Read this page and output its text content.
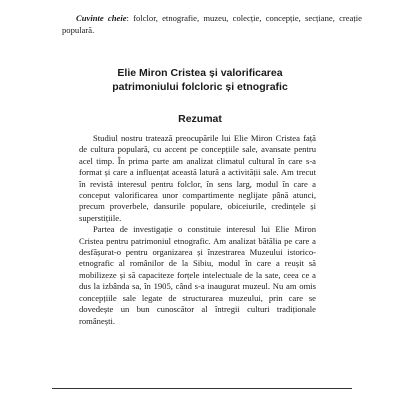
Cuvinte cheie: folclor, etnografie, muzeu, colecție, concepție, secțiane, creație populară.
Elie Miron Cristea și valorificarea
patrimoniului folcloric și etnografic
Rezumat

Studiul nostru tratează preocupările lui Elie Miron Cristea față de cultura populară, cu accent pe concepțiile sale, avansate pentru acel timp. În prima parte am analizat climatul cultural în care s-a format și care a influențat această latură a activității sale. Am trecut în revistă interesul pentru folclor, în sens larg, modul în care a conceput valorificarea unor compartimente neglijate până atunci, precum proverbele, dansurile populare, obiceiurile, credințele și superstițiile.

Partea de investigație o constituie interesul lui Elie Miron Cristea pentru patrimoniul etnografic. Am analizat bătălia pe care a desfășurat-o pentru organizarea și înzestrarea Muzeului istorico-etnografic al românilor de la Sibiu, modul în care a reușit să mobilizeze și să capaciteze forțele intelectuale de la sate, ceea ce a dus la izbânda sa, în 1905, când s-a inaugurat muzeul. Nu am omis concepțiile sale legate de structurarea muzeului, prin care se dovedește un bun cunoscător al întregii culturi tradiționale românești.
